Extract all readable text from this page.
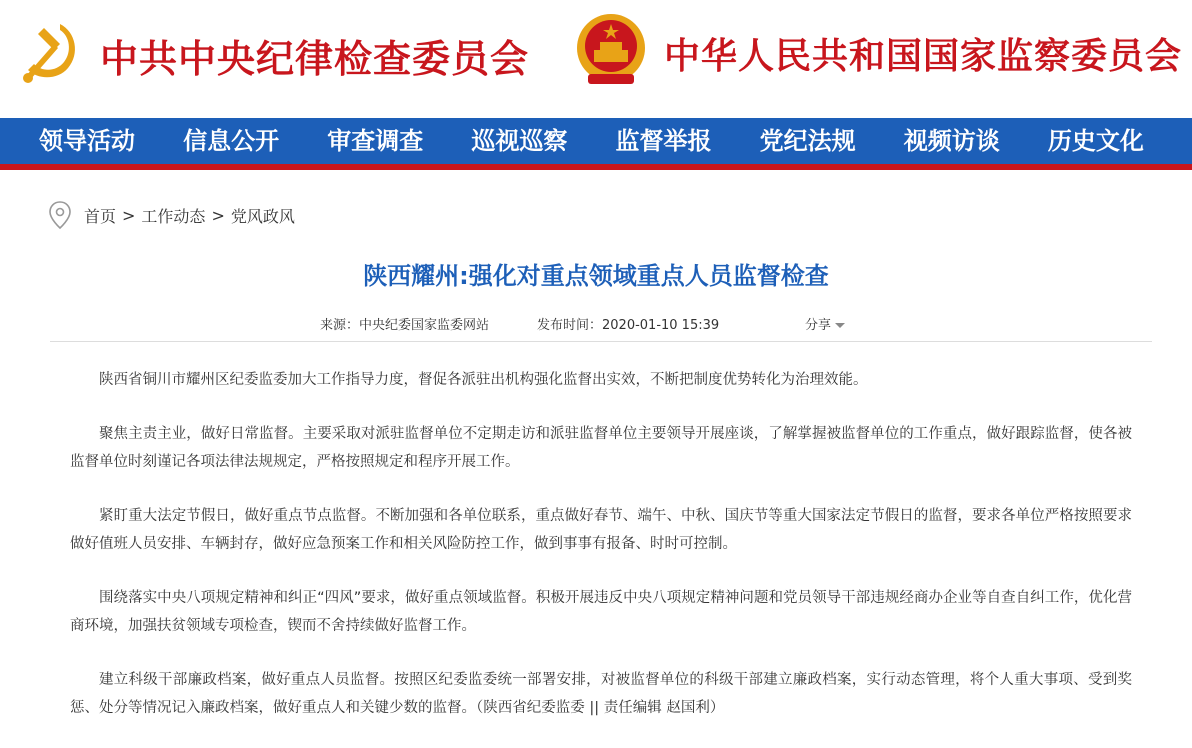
中共中央纪律检查委员会	中华人民共和国国家监察委员会
领导活动	信息公开	审查调查	巡视巡察	监督举报	党纪法规	视频访谈	历史文化
首页 > 工作动态 > 党风政风
陕西耀州:强化对重点领域重点人员监督检查
来源：中央纪委国家监委网站	发布时间：2020-01-10 15:39	分享

陕西省铜川市耀州区纪委监委加大工作指导力度，督促各派驻出机构强化监督出实效，不断把制度优势转化为治理效能。

聚焦主责主业，做好日常监督。主要采取对派驻监督单位不定期走访和派驻监督单位主要领导开展座谈，了解掌握被监督单位的工作重点，做好跟踪监督，使各被监督单位时刻谨记各项法律法规规定，严格按照规定和程序开展工作。

紧盯重大法定节假日，做好重点节点监督。不断加强和各单位联系，重点做好春节、端午、中秋、国庆节等重大国家法定节假日的监督，要求各单位严格按照要求做好值班人员安排、车辆封存，做好应急预案工作和相关风险防控工作，做到事事有报备、时时可控制。

围绕落实中央八项规定精神和纠正“四风”要求，做好重点领域监督。积极开展违反中央八项规定精神问题和党员领导干部违规经商办企业等自查自纠工作，优化营商环境，加强扶贫领域专项检查，锲而不舍持续做好监督工作。

建立科级干部廉政档案，做好重点人员监督。按照区纪委监委统一部署安排，对被监督单位的科级干部建立廉政档案，实行动态管理，将个人重大事项、受到奖惩、处分等情况记入廉政档案，做好重点人和关键少数的监督。（陕西省纪委监委 || 责任编辑 赵国利）
